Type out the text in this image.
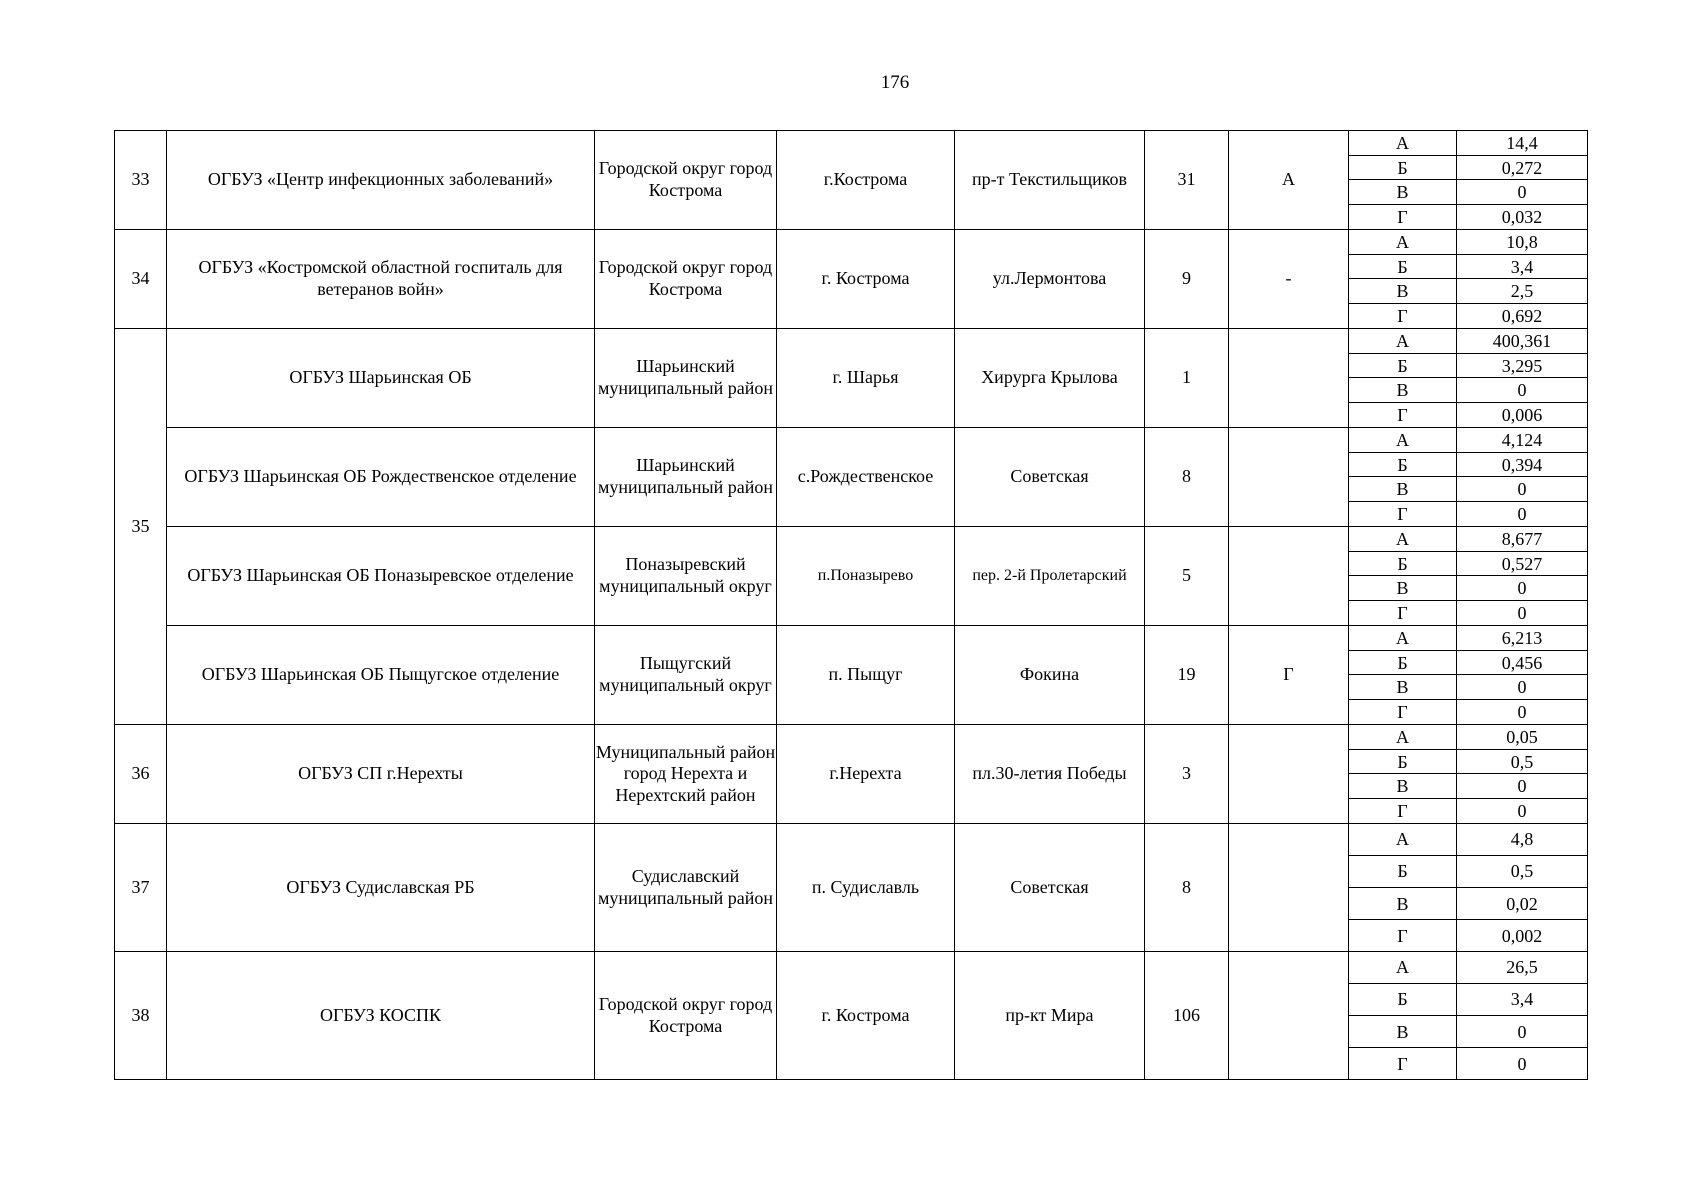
176
33	ОГБУЗ «Центр инфекционных заболеваний»	Городской округ город Кострома	г.Кострома	пр-т Текстильщиков	31	А	
А	14,4
Б	0,272
В	0
Г	0,032

34	ОГБУЗ «Костромской областной госпиталь для ветеранов войн»	Городской округ город Кострома	г. Кострома	ул.Лермонтова	9	-	
А	10,8
Б	3,4
В	2,5
Г	0,692

35	ОГБУЗ Шарьинская ОБ	Шарьинский муниципальный район	г. Шарья	Хирурга Крылова	1		
А	400,361
Б	3,295
В	0
Г	0,006

ОГБУЗ Шарьинская ОБ Рождественское отделение	Шарьинский муниципальный район	с.Рождественское	Советская	8		
А	4,124
Б	0,394
В	0
Г	0

ОГБУЗ Шарьинская ОБ Поназыревское отделение	Поназыревский муниципальный округ	п.Поназырево	пер. 2-й Пролетарский	5		
А	8,677
Б	0,527
В	0
Г	0

ОГБУЗ Шарьинская ОБ Пыщугское отделение	Пыщугский муниципальный округ	п. Пыщуг	Фокина	19	Г	
А	6,213
Б	0,456
В	0
Г	0

36	ОГБУЗ СП г.Нерехты	Муниципальный район город Нерехта и Нерехтский район	г.Нерехта	пл.30-летия Победы	3		
А	0,05
Б	0,5
В	0
Г	0

37	ОГБУЗ Судиславская РБ	Судиславский муниципальный район	п. Судиславль	Советская	8		
А	4,8
Б	0,5
В	0,02
Г	0,002

38	ОГБУЗ КОСПК	Городской округ город Кострома	г. Кострома	пр-кт Мира	106		
А	26,5
Б	3,4
В	0
Г	0
